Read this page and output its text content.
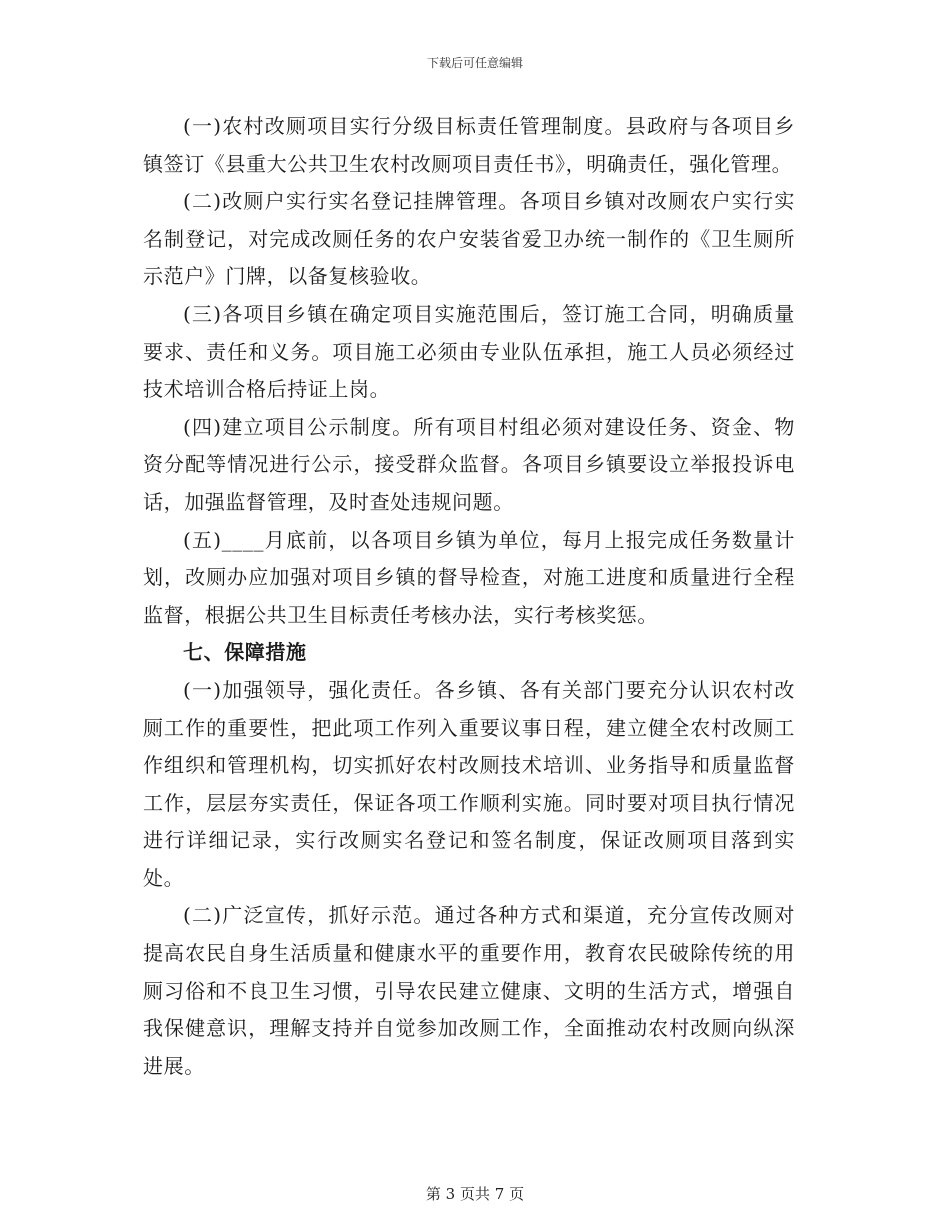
下载后可任意编辑

(一)农村改厕项目实行分级目标责任管理制度。县政府与各项目乡镇签订《县重大公共卫生农村改厕项目责任书》，明确责任，强化管理。

(二)改厕户实行实名登记挂牌管理。各项目乡镇对改厕农户实行实名制登记，对完成改厕任务的农户安装省爱卫办统一制作的《卫生厕所示范户》门牌，以备复核验收。

(三)各项目乡镇在确定项目实施范围后，签订施工合同，明确质量要求、责任和义务。项目施工必须由专业队伍承担，施工人员必须经过技术培训合格后持证上岗。

(四)建立项目公示制度。所有项目村组必须对建设任务、资金、物资分配等情况进行公示，接受群众监督。各项目乡镇要设立举报投诉电话，加强监督管理，及时查处违规问题。

(五)____月底前，以各项目乡镇为单位，每月上报完成任务数量计划，改厕办应加强对项目乡镇的督导检查，对施工进度和质量进行全程监督，根据公共卫生目标责任考核办法，实行考核奖惩。

七、保障措施

(一)加强领导，强化责任。各乡镇、各有关部门要充分认识农村改厕工作的重要性，把此项工作列入重要议事日程，建立健全农村改厕工作组织和管理机构，切实抓好农村改厕技术培训、业务指导和质量监督工作，层层夯实责任，保证各项工作顺利实施。同时要对项目执行情况进行详细记录，实行改厕实名登记和签名制度，保证改厕项目落到实处。

(二)广泛宣传，抓好示范。通过各种方式和渠道，充分宣传改厕对提高农民自身生活质量和健康水平的重要作用，教育农民破除传统的用厕习俗和不良卫生习惯，引导农民建立健康、文明的生活方式，增强自我保健意识，理解支持并自觉参加改厕工作，全面推动农村改厕向纵深进展。

第 3 页共 7 页
